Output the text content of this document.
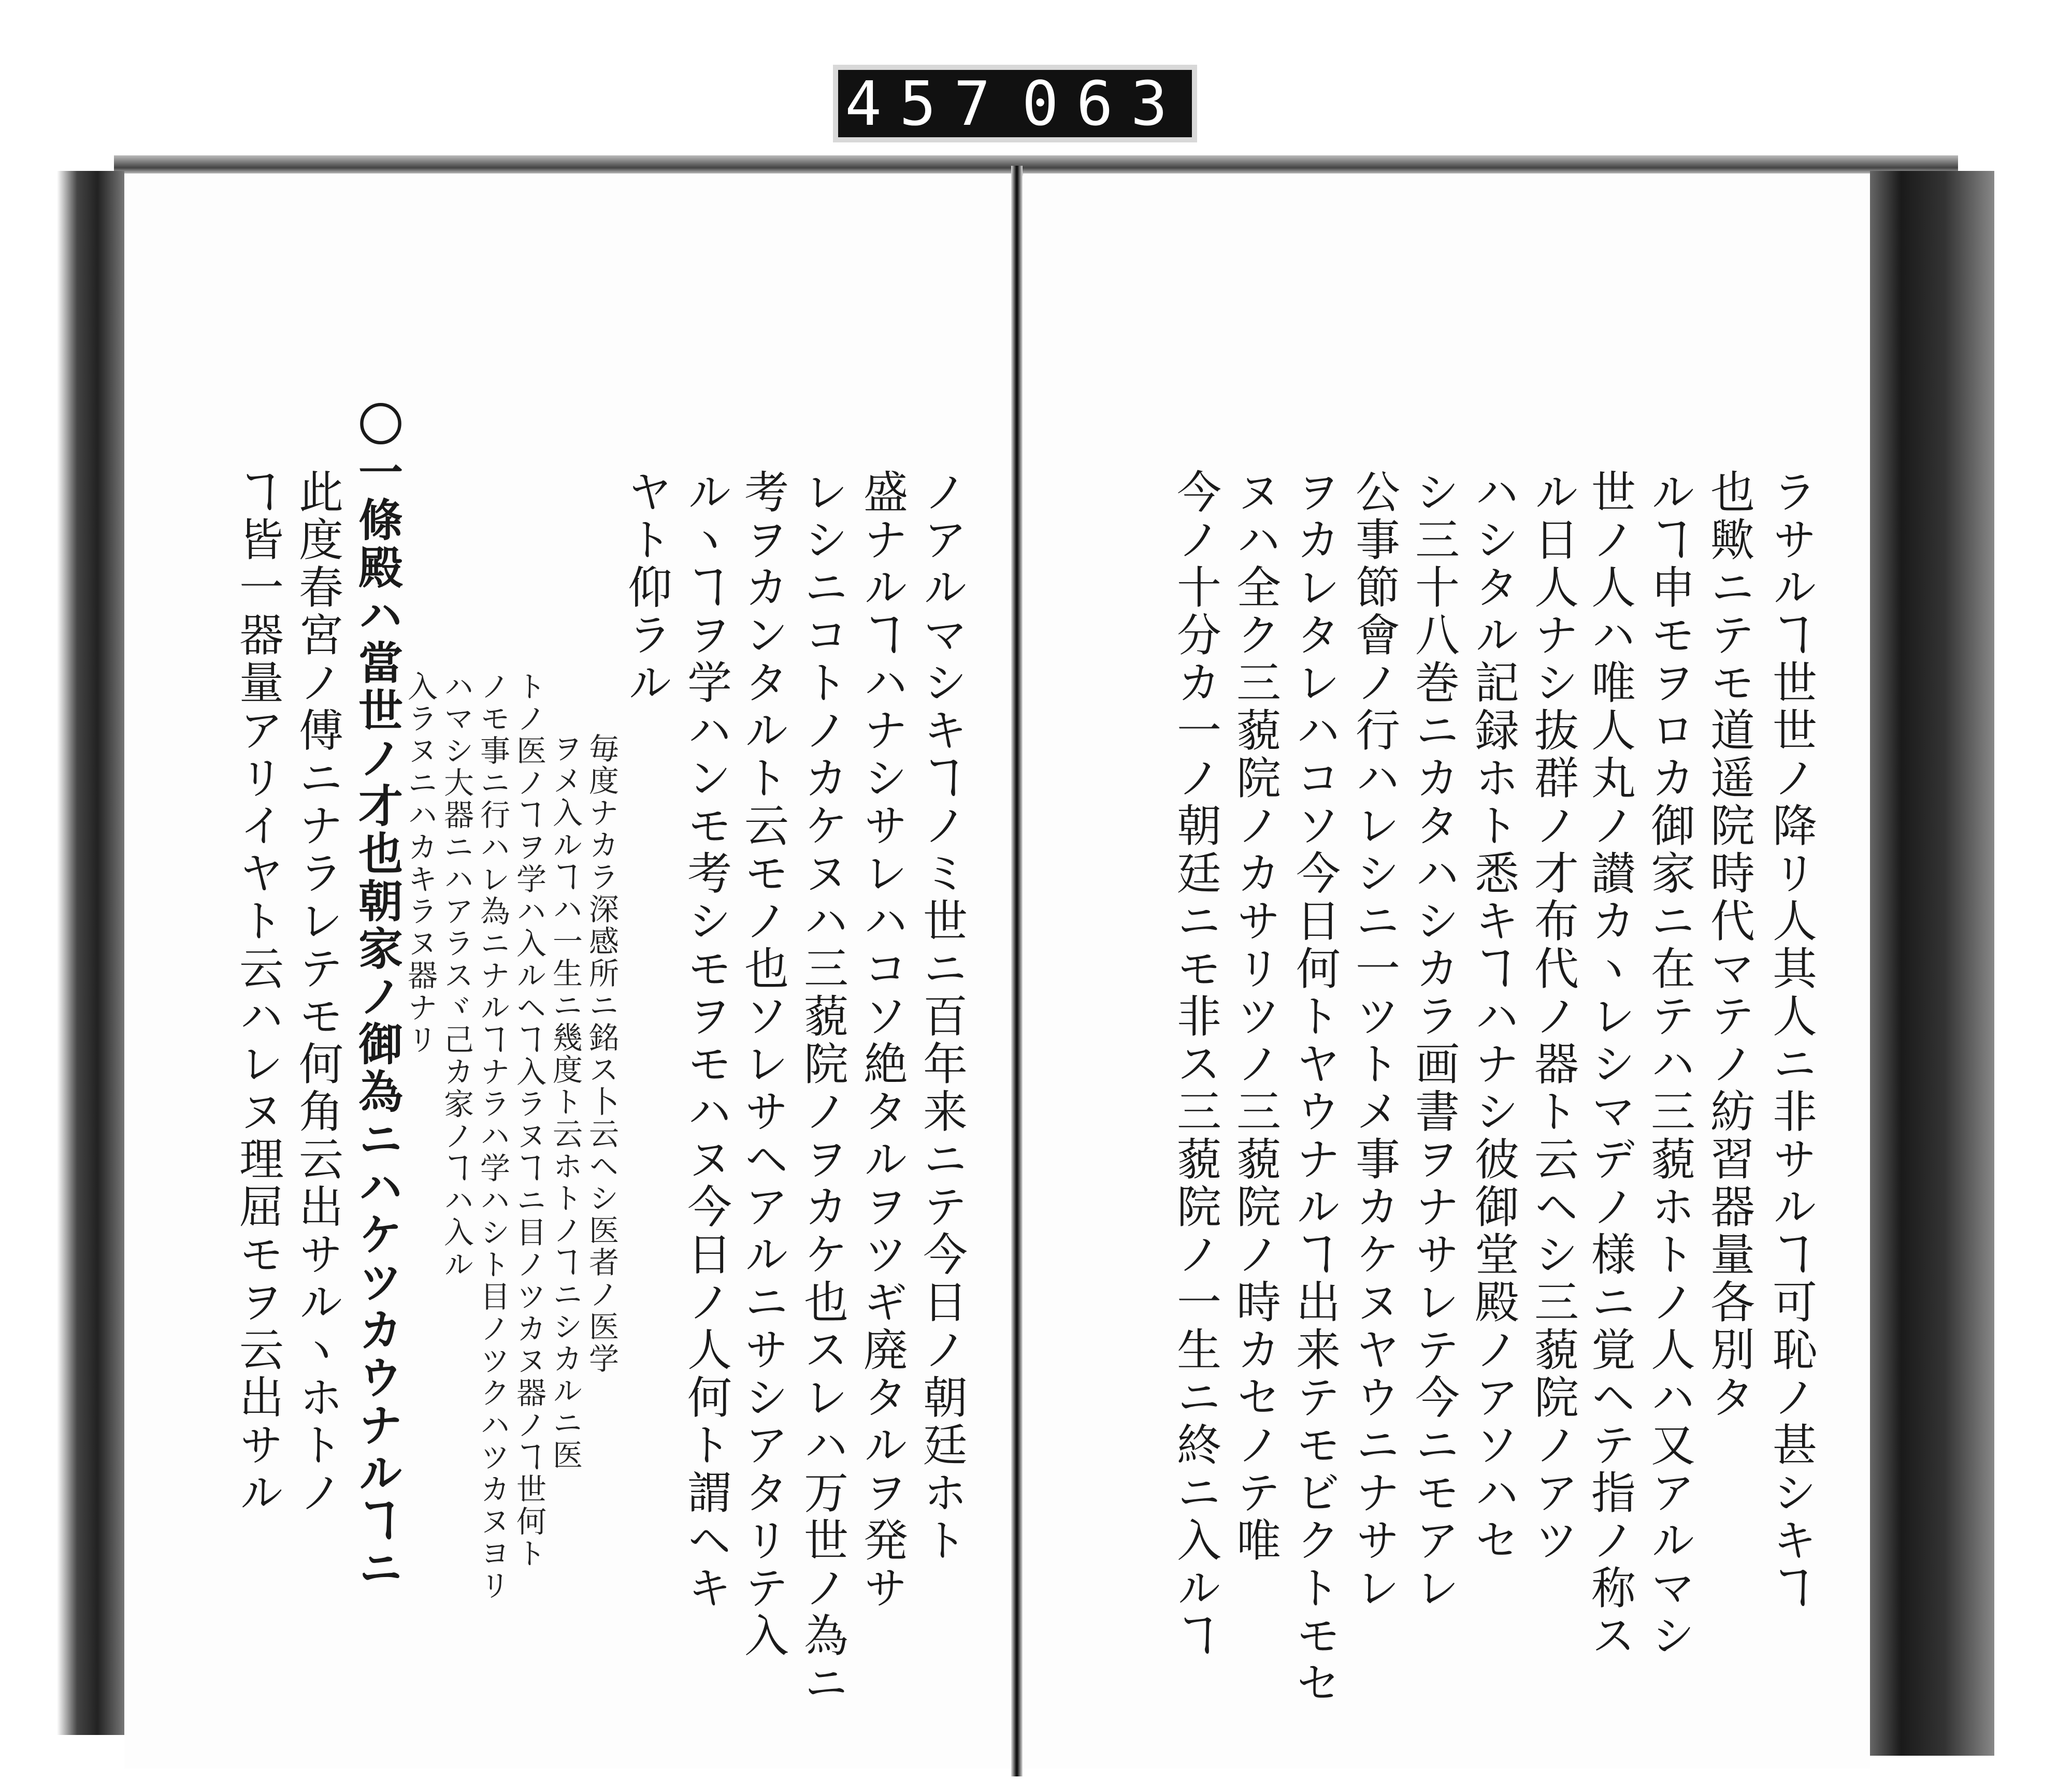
457 063
ノアルマシキヿノミ世ニ百年来ニテ今日ノ朝廷ホト
盛ナルヿハナシサレハコソ絶タルヲツギ廃タルヲ発サ
レシニコトノカケヌハ三藐院ノヲカケ也スレハ万世ノ為ニ
考ヲカンタルト云モノ也ソレサヘアルニサシアタリテ入
ルヽヿヲ学ハンモ考シモヲモハヌ今日ノ人何ト謂ヘキ
ヤト仰ラル
毎度ナカラ深感所ニ銘ス卜云ヘシ医者ノ医学
ヲメ入ルヿハ一生ニ幾度ト云ホトノヿニシカルニ医
トノ医ノヿヲ学ハ入ルヘヿ入ラヌヿニ目ノツカヌ器ノヿ世何ト
ノモ事ニ行ハレ為ニナルヿナラハ学ハシト目ノツクハツカヌヨリ
ハマシ大器ニハアラスヾ己カ家ノヿハ入ル
入ラヌニハカキラヌ器ナリ
〇一條殿ハ當世ノ才也朝家ノ御為ニハケツカウナルヿニ
此度春宮ノ傅ニナラレテモ何角云出サルヽホトノ
ヿ皆一器量アリイヤト云ハレヌ理屈モヲ云出サル	ラサルヿ世世ノ降リ人其人ニ非サルヿ可恥ノ甚シキヿ
也歟ニテモ道遥院時代マテノ紡習器量各別タ
ルヿ申モヲロカ御家ニ在テハ三藐ホトノ人ハ又アルマシ
世ノ人ハ唯人丸ノ讃カヽレシマデノ様ニ覚ヘテ指ノ称ス
ル日人ナシ抜群ノ才布代ノ器ト云ヘシ三藐院ノアツ
ハシタル記録ホト悉キヿハナシ彼御堂殿ノアソハセ
シ三十八巻ニカタハシカラ画書ヲナサレテ今ニモアレ
公事節會ノ行ハレシニ一ツトメ事カケヌヤウニナサレ
ヲカレタレハコソ今日何トヤウナルヿ出来テモビクトモセ
ヌハ全ク三藐院ノカサリツノ三藐院ノ時カセノテ唯
今ノ十分カ一ノ朝廷ニモ非ス三藐院ノ一生ニ終ニ入ルヿ
